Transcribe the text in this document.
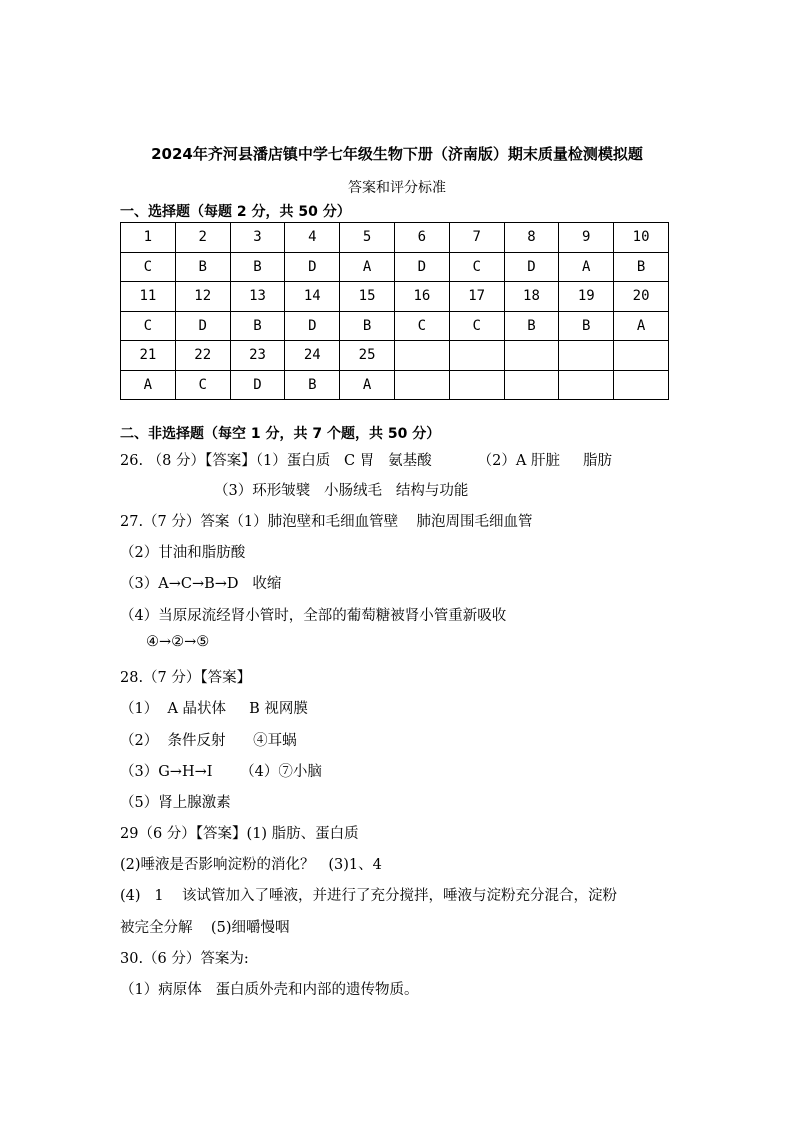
2024年齐河县潘店镇中学七年级生物下册（济南版）期末质量检测模拟题
答案和评分标准
一、选择题（每题 2 分，共 50 分）
1	2	3	4	5	6	7	8	9	10
C	B	B	D	A	D	C	D	A	B
11	12	13	14	15	16	17	18	19	20
C	D	B	D	B	C	C	B	B	A
21	22	23	24	25					
A	C	D	B	A					
二、非选择题（每空 1 分，共 7 个题，共 50 分）
26. （8 分）【答案】（1）蛋白质   C 胃   氨基酸          （2）A 肝脏     脂肪
（3）环形皱襞   小肠绒毛   结构与功能
27.（7 分）答案（1）肺泡壁和毛细血管壁    肺泡周围毛细血管
（2）甘油和脂肪酸
（3）A→C→B→D   收缩
（4）当原尿流经肾小管时，全部的葡萄糖被肾小管重新吸收
④→②→⑤
28.（7 分）【答案】
（1）  A 晶状体     B 视网膜
（2）  条件反射      ④耳蜗
（3）G→H→I      （4）⑦小脑
（5）肾上腺激素
29（6 分）【答案】(1) 脂肪、蛋白质
(2)唾液是否影响淀粉的消化？   (3)1、4
(4)   1    该试管加入了唾液，并进行了充分搅拌，唾液与淀粉充分混合，淀粉
被完全分解    (5)细嚼慢咽
30.（6 分）答案为:
（1）病原体   蛋白质外壳和内部的遗传物质。
